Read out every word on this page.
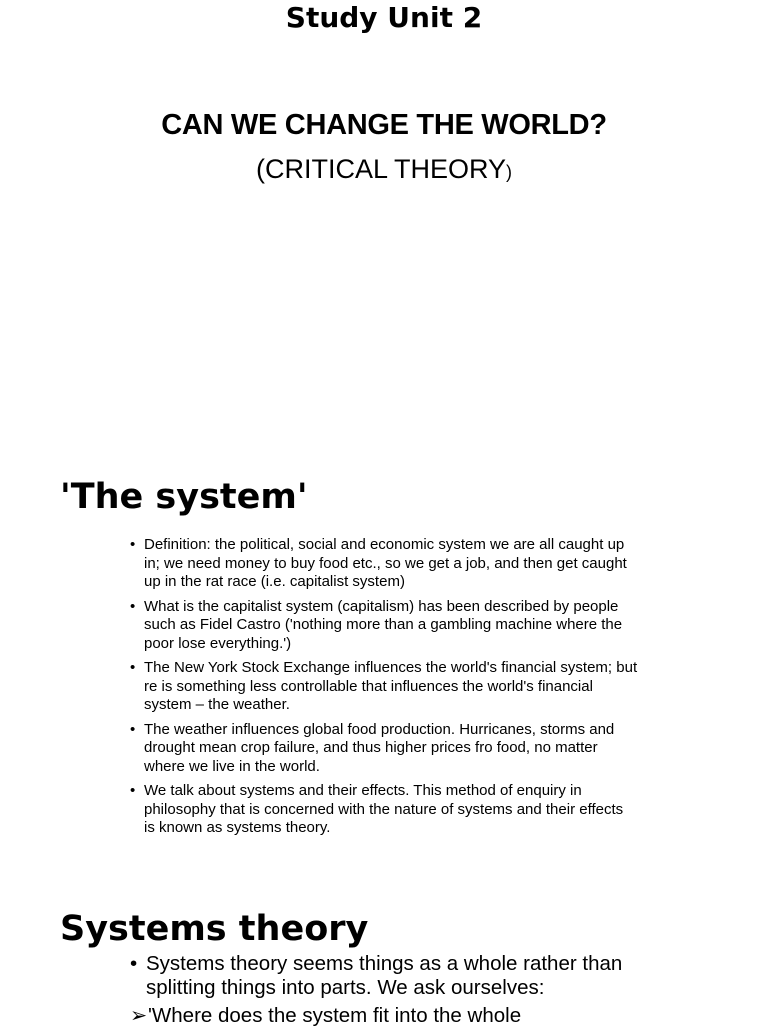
Study Unit 2
CAN WE CHANGE THE WORLD?
(CRITICAL THEORY)
'The system'
• Definition: the political, social and economic system we are all caught up in; we need money to buy food etc., so we get a job, and then get caught up in the rat race (i.e. capitalist system)
• What is the capitalist system (capitalism) has been described by people such as Fidel Castro ('nothing more than a gambling machine where the poor lose everything.')
• The New York Stock Exchange influences the world's financial system; but re is something less controllable that influences the world's financial system – the weather.
• The weather influences global food production. Hurricanes, storms and drought mean crop failure, and thus higher prices fro food, no matter where we live in the world.
• We talk about systems and their effects. This method of enquiry in philosophy that is concerned with the nature of systems and their effects is known as systems theory.
Systems theory
• Systems theory seems things as a whole rather than splitting things into parts. We ask ourselves:
➢'Where does the system fit into the whole
